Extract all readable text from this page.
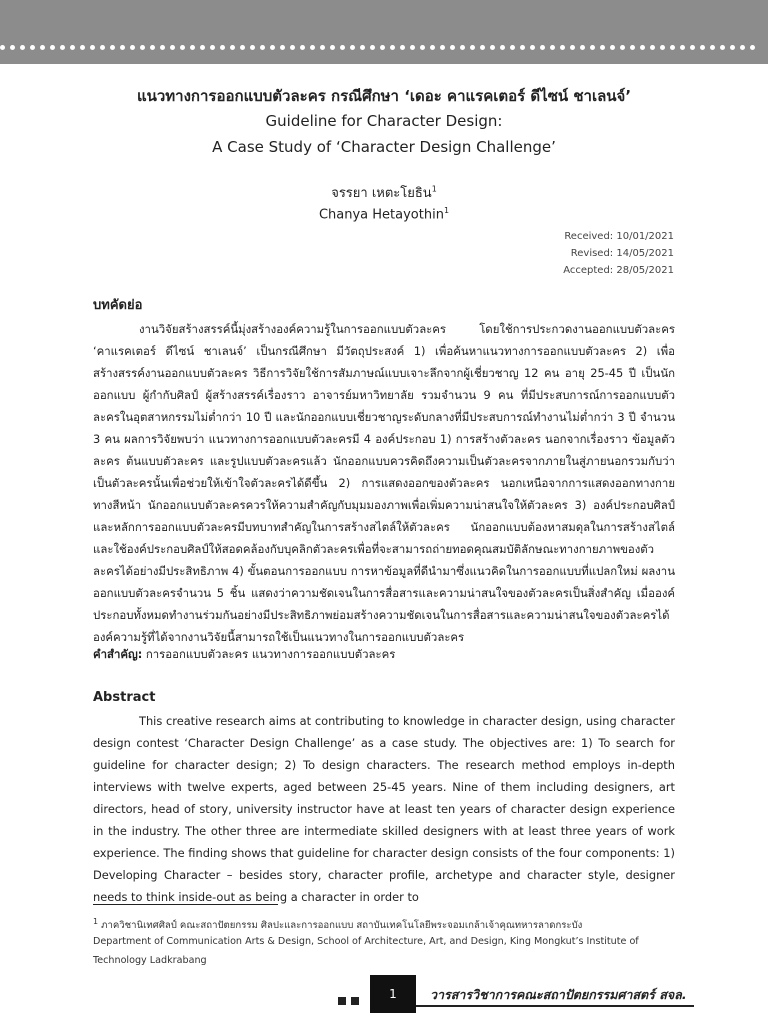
แนวทางการออกแบบตัวละคร กรณีศึกษา ‘เดอะ คาแรคเตอร์ ดีไซน์ ชาเลนจ์’

Guideline for Character Design:

A Case Study of ‘Character Design Challenge’

จรรยา เหตะโยธิน$^1$
Chanya Hetayothin$^1$
Received: 10/01/2021
Revised: 14/05/2021
Accepted: 28/05/2021

บทคัดย่อ

งานวิจัยสร้างสรรค์นี้มุ่งสร้างองค์ความรู้ในการออกแบบตัวละคร โดยใช้การประกวดงานออกแบบตัวละคร ‘คาแรคเตอร์ ดีไซน์ ชาเลนจ์’ เป็นกรณีศึกษา มีวัตถุประสงค์ 1) เพื่อค้นหาแนวทางการออกแบบตัวละคร 2) เพื่อสร้างสรรค์งานออกแบบตัวละคร วิธีการวิจัยใช้การสัมภาษณ์แบบเจาะลึกจากผู้เชี่ยวชาญ 12 คน อายุ 25-45 ปี เป็นนักออกแบบ ผู้กำกับศิลป์ ผู้สร้างสรรค์เรื่องราว อาจารย์มหาวิทยาลัย รวมจำนวน 9 คน ที่มีประสบการณ์การออกแบบตัวละครในอุตสาหกรรมไม่ต่ำกว่า 10 ปี และนักออกแบบเชี่ยวชาญระดับกลางที่มีประสบการณ์ทำงานไม่ต่ำกว่า 3 ปี จำนวน 3 คน ผลการวิจัยพบว่า แนวทางการออกแบบตัวละครมี 4 องค์ประกอบ 1) การสร้างตัวละคร นอกจากเรื่องราว ข้อมูลตัวละคร ต้นแบบตัวละคร และรูปแบบตัวละครแล้ว นักออกแบบควรคิดถึงความเป็นตัวละครจากภายในสู่ภายนอกรวมกับว่าเป็นตัวละครนั้นเพื่อช่วยให้เข้าใจตัวละครได้ดีขึ้น 2) การแสดงออกของตัวละคร นอกเหนือจากการแสดงออกทางกาย ทางสีหน้า นักออกแบบตัวละครควรให้ความสำคัญกับมุมมองภาพเพื่อเพิ่มความน่าสนใจให้ตัวละคร 3) องค์ประกอบศิลป์และหลักการออกแบบตัวละครมีบทบาทสำคัญในการสร้างสไตล์ให้ตัวละคร นักออกแบบต้องหาสมดุลในการสร้างสไตล์และใช้องค์ประกอบศิลป์ให้สอดคล้องกับบุคลิกตัวละครเพื่อที่จะสามารถถ่ายทอดคุณสมบัติลักษณะทางกายภาพของตัวละครได้อย่างมีประสิทธิภาพ 4) ขั้นตอนการออกแบบ การหาข้อมูลที่ดีนำมาซึ่งแนวคิดในการออกแบบที่แปลกใหม่ ผลงานออกแบบตัวละครจำนวน 5 ชิ้น แสดงว่าความชัดเจนในการสื่อสารและความน่าสนใจของตัวละครเป็นสิ่งสำคัญ เมื่อองค์ประกอบทั้งหมดทำงานร่วมกันอย่างมีประสิทธิภาพย่อมสร้างความชัดเจนในการสื่อสารและความน่าสนใจของตัวละครได้ องค์ความรู้ที่ได้จากงานวิจัยนี้สามารถใช้เป็นแนวทางในการออกแบบตัวละคร

คำสำคัญ: การออกแบบตัวละคร แนวทางการออกแบบตัวละคร

Abstract

This creative research aims at contributing to knowledge in character design, using character design contest ‘Character Design Challenge’ as a case study. The objectives are: 1) To search for guideline for character design; 2) To design characters. The research method employs in-depth interviews with twelve experts, aged between 25-45 years. Nine of them including designers, art directors, head of story, university instructor have at least ten years of character design experience in the industry. The other three are intermediate skilled designers with at least three years of work experience. The finding shows that guideline for character design consists of the four components: 1) Developing Character – besides story, character profile, archetype and character style, designer needs to think inside-out as being a character in order to

$^1$ ภาควิชานิเทศศิลป์ คณะสถาปัตยกรรม ศิลปะและการออกแบบ สถาบันเทคโนโลยีพระจอมเกล้าเจ้าคุณทหารลาดกระบัง

Department of Communication Arts & Design, School of Architecture, Art, and Design, King Mongkut’s Institute of Technology Ladkrabang

1	วารสารวิชาการคณะสถาปัตยกรรมศาสตร์ สจล.
